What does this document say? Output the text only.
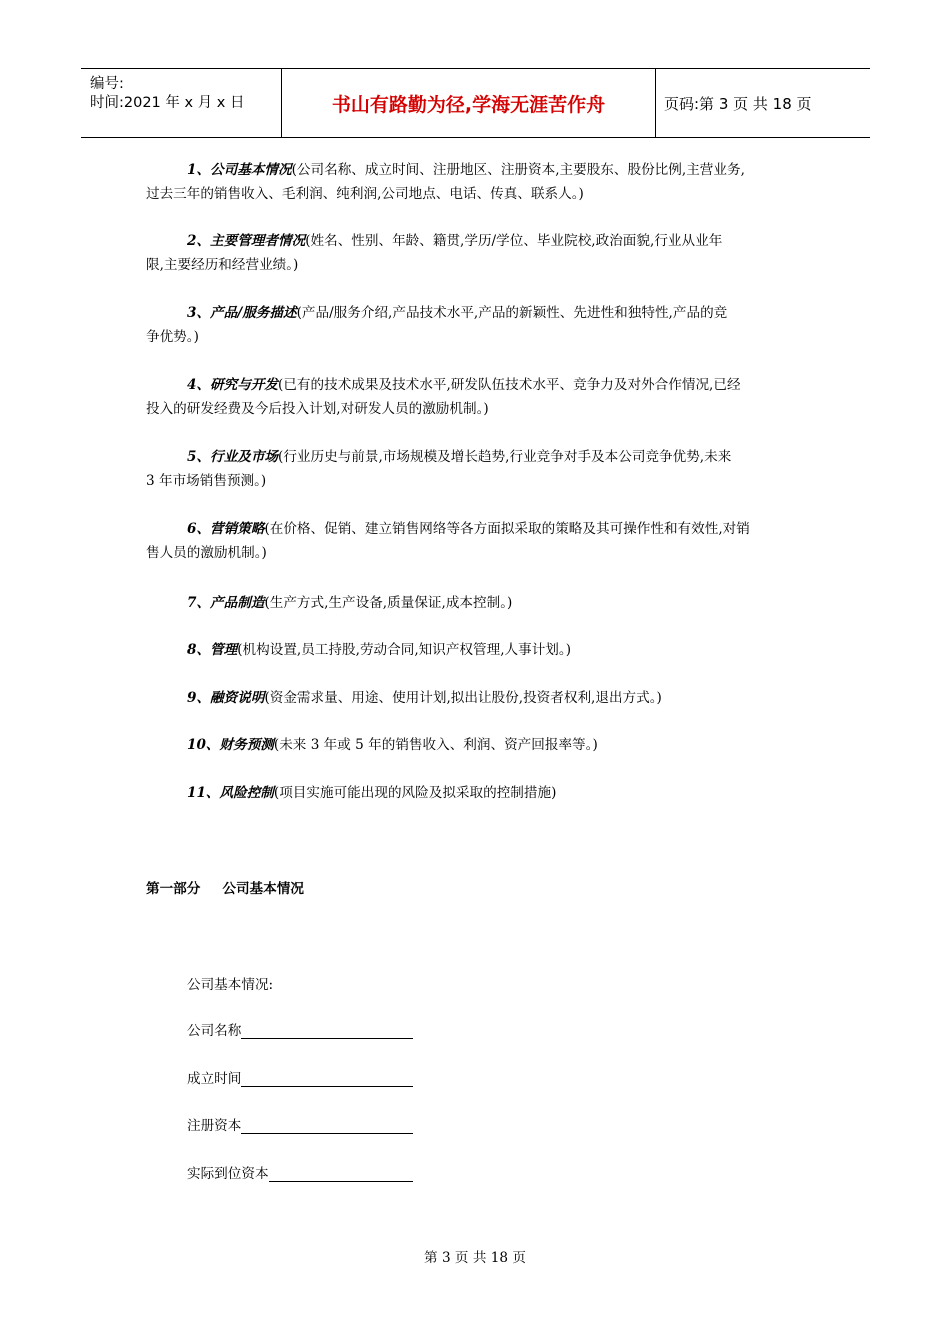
编号:
时间:2021 年 x 月 x 日	书山有路勤为径,学海无涯苦作舟	页码:第 3 页 共 18 页
1、公司基本情况(公司名称、成立时间、注册地区、注册资本,主要股东、股份比例,主营业务,
过去三年的销售收入、毛利润、纯利润,公司地点、电话、传真、联系人。)
2、主要管理者情况(姓名、性别、年龄、籍贯,学历/学位、毕业院校,政治面貌,行业从业年
限,主要经历和经营业绩。)
3、产品/服务描述(产品/服务介绍,产品技术水平,产品的新颖性、先进性和独特性,产品的竞
争优势。)
4、研究与开发(已有的技术成果及技术水平,研发队伍技术水平、竞争力及对外合作情况,已经
投入的研发经费及今后投入计划,对研发人员的激励机制。)
5、行业及市场(行业历史与前景,市场规模及增长趋势,行业竞争对手及本公司竞争优势,未来
3 年市场销售预测。)
6、营销策略(在价格、促销、建立销售网络等各方面拟采取的策略及其可操作性和有效性,对销
售人员的激励机制。)
7、产品制造(生产方式,生产设备,质量保证,成本控制。)
8、管理(机构设置,员工持股,劳动合同,知识产权管理,人事计划。)
9、融资说明(资金需求量、用途、使用计划,拟出让股份,投资者权利,退出方式。)
10、财务预测(未来 3 年或 5 年的销售收入、利润、资产回报率等。)
11、风险控制(项目实施可能出现的风险及拟采取的控制措施)
第一部分 公司基本情况
公司基本情况:
公司名称
成立时间
注册资本
实际到位资本
第 3 页 共 18 页
